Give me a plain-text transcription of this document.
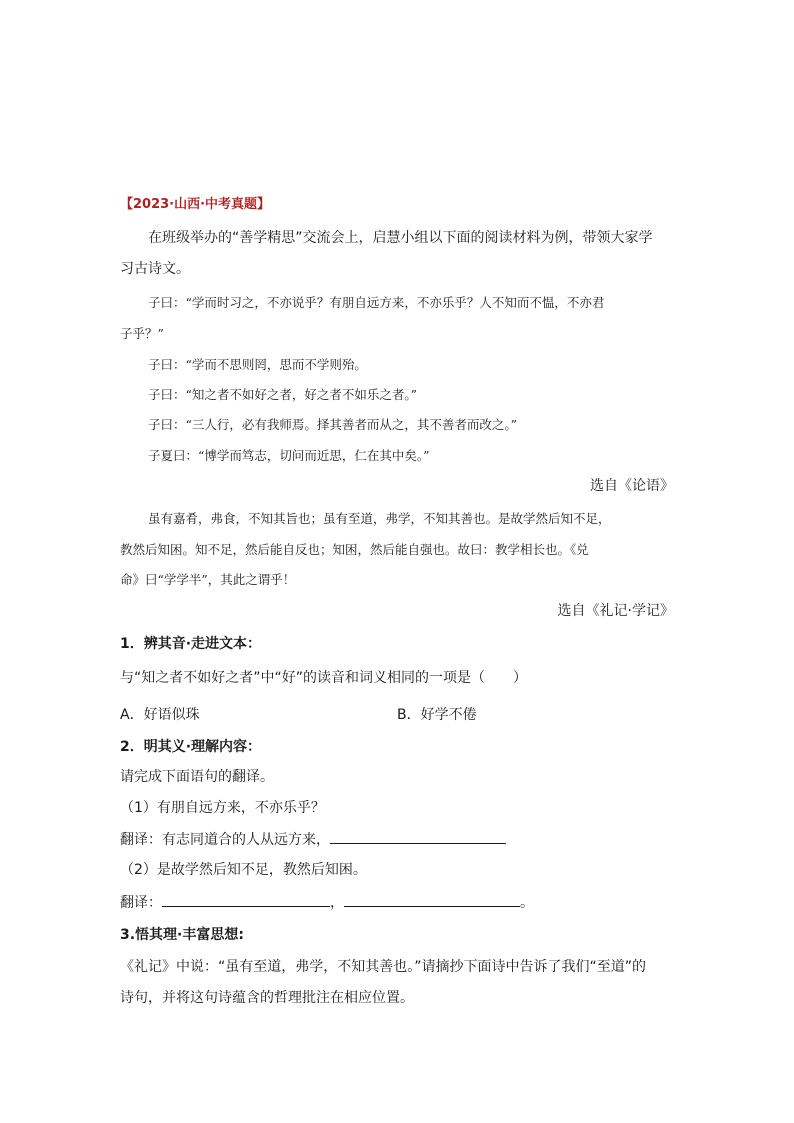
【2023·山西·中考真题】
在班级举办的“善学精思”交流会上，启慧小组以下面的阅读材料为例，带领大家学
习古诗文。
子曰：“学而时习之，不亦说乎？有朋自远方来，不亦乐乎？人不知而不愠，不亦君
子乎？”
子曰：“学而不思则罔，思而不学则殆。
子曰：“知之者不如好之者，好之者不如乐之者。”
子曰：“三人行，必有我师焉。择其善者而从之，其不善者而改之。”
子夏曰：“博学而笃志，切问而近思，仁在其中矣。”
选自《论语》
虽有嘉肴，弗食，不知其旨也；虽有至道，弗学，不知其善也。是故学然后知不足，
教然后知困。知不足，然后能自反也；知困，然后能自强也。故曰：教学相长也。《兑
命》曰“学学半”，其此之谓乎！
选自《礼记·学记》
1．辨其音·走进文本：
与“知之者不如好之者”中“好”的读音和词义相同的一项是（　　）
A．好语似珠	B．好学不倦
2．明其义·理解内容：
请完成下面语句的翻译。
（1）有朋自远方来，不亦乐乎？
翻译：有志同道合的人从远方来，
（2）是故学然后知不足，教然后知困。
翻译：	，	。
3.悟其理·丰富思想:
《礼记》中说：“虽有至道，弗学，不知其善也。”请摘抄下面诗中告诉了我们“至道”的
诗句，并将这句诗蕴含的哲理批注在相应位置。
